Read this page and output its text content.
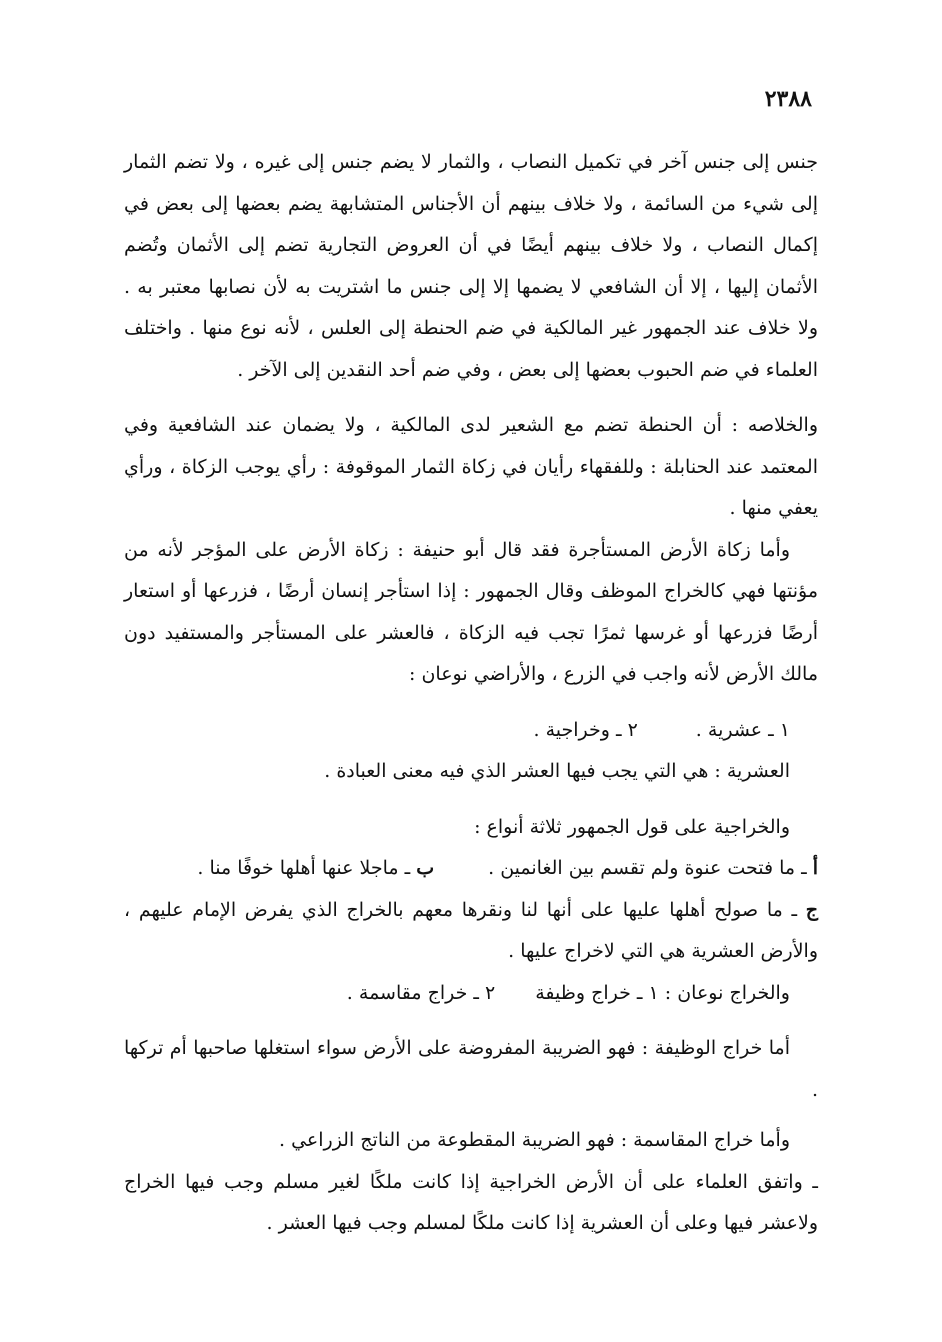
٢٣٨٨

جنس إلى جنس آخر في تكميل النصاب ، والثمار لا يضم جنس إلى غيره ، ولا تضم الثمار إلى شيء من السائمة ، ولا خلاف بينهم أن الأجناس المتشابهة يضم بعضها إلى بعض في إكمال النصاب ، ولا خلاف بينهم أيضًا في أن العروض التجارية تضم إلى الأثمان وتُضم الأثمان إليها ، إلا أن الشافعي لا يضمها إلا إلى جنس ما اشتريت به لأن نصابها معتبر به . ولا خلاف عند الجمهور غير المالكية في ضم الحنطة إلى العلس ، لأنه نوع منها . واختلف العلماء في ضم الحبوب بعضها إلى بعض ، وفي ضم أحد النقدين إلى الآخر .

والخلاصه : أن الحنطة تضم مع الشعير لدى المالكية ، ولا يضمان عند الشافعية وفي المعتمد عند الحنابلة : وللفقهاء رأيان في زكاة الثمار الموقوفة : رأي يوجب الزكاة ، ورأي يعفي منها .

وأما زكاة الأرض المستأجرة فقد قال أبو حنيفة : زكاة الأرض على المؤجر لأنه من مؤنتها فهي كالخراج الموظف وقال الجمهور : إذا استأجر إنسان أرضًا ، فزرعها أو استعار أرضًا فزرعها أو غرسها ثمرًا تجب فيه الزكاة ، فالعشر على المستأجر والمستفيد دون مالك الأرض لأنه واجب في الزرع ، والأراضي نوعان :

١ ـ عشرية .٢ ـ وخراجية .

العشرية : هي التي يجب فيها العشر الذي فيه معنى العبادة .

والخراجية على قول الجمهور ثلاثة أنواع :

أ ـ ما فتحت عنوة ولم تقسم بين الغانمين .ب ـ ماجلا عنها أهلها خوفًا منا .

ج ـ ما صولح أهلها عليها على أنها لنا ونقرها معهم بالخراج الذي يفرض الإمام عليهم ، والأرض العشرية هي التي لاخراج عليها .

والخراج نوعان : ١ ـ خراج وظيفة٢ ـ خراج مقاسمة .

أما خراج الوظيفة : فهو الضريبة المفروضة على الأرض سواء استغلها صاحبها أم تركها .

وأما خراج المقاسمة : فهو الضريبة المقطوعة من الناتج الزراعي .

ـ واتفق العلماء على أن الأرض الخراجية إذا كانت ملكًا لغير مسلم وجب فيها الخراج ولاعشر فيها وعلى أن العشرية إذا كانت ملكًا لمسلم وجب فيها العشر .
